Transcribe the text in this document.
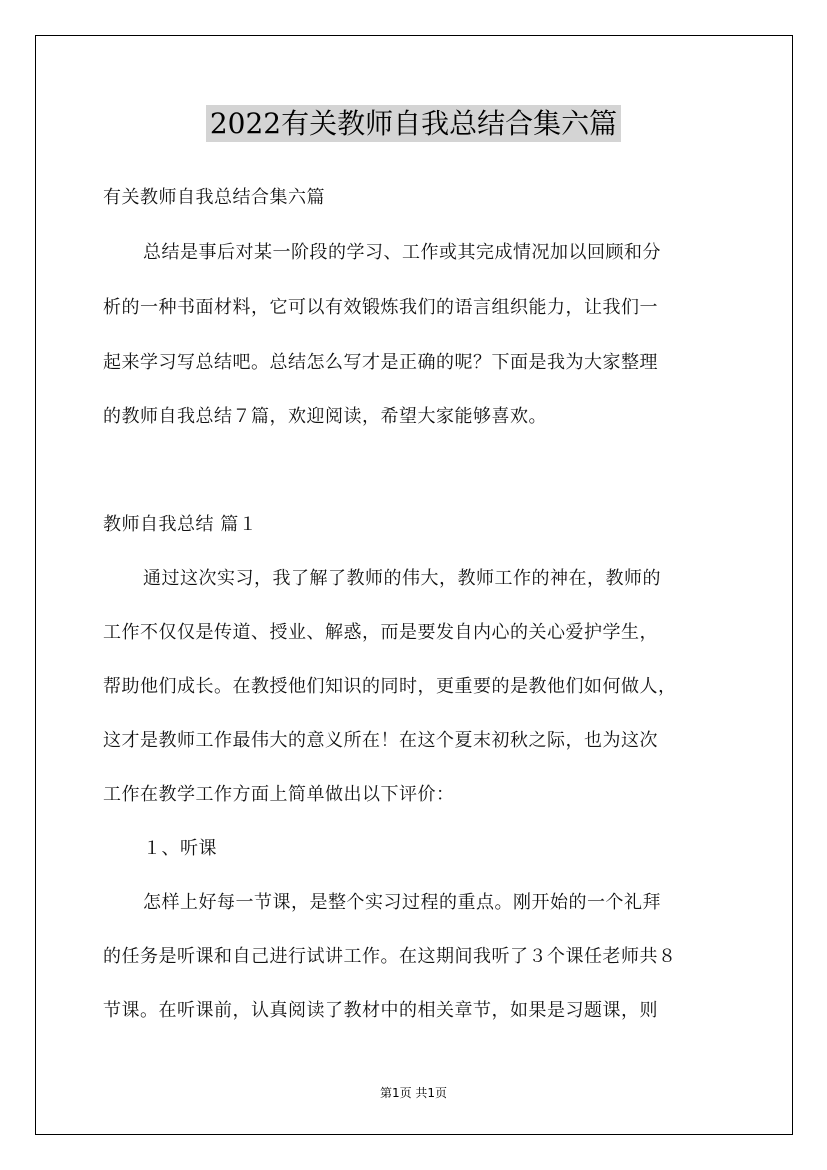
2022有关教师自我总结合集六篇
有关教师自我总结合集六篇
总结是事后对某一阶段的学习、工作或其完成情况加以回顾和分
析的一种书面材料，它可以有效锻炼我们的语言组织能力，让我们一
起来学习写总结吧。总结怎么写才是正确的呢？下面是我为大家整理
的教师自我总结７篇，欢迎阅读，希望大家能够喜欢。
教师自我总结 篇１
通过这次实习，我了解了教师的伟大，教师工作的神在，教师的
工作不仅仅是传道、授业、解惑，而是要发自内心的关心爱护学生，
帮助他们成长。在教授他们知识的同时，更重要的是教他们如何做人，
这才是教师工作最伟大的意义所在！在这个夏末初秋之际，也为这次
工作在教学工作方面上简单做出以下评价：
１、听课
怎样上好每一节课，是整个实习过程的重点。刚开始的一个礼拜
的任务是听课和自己进行试讲工作。在这期间我听了３个课任老师共８
节课。在听课前，认真阅读了教材中的相关章节，如果是习题课，则
第1页 共1页
